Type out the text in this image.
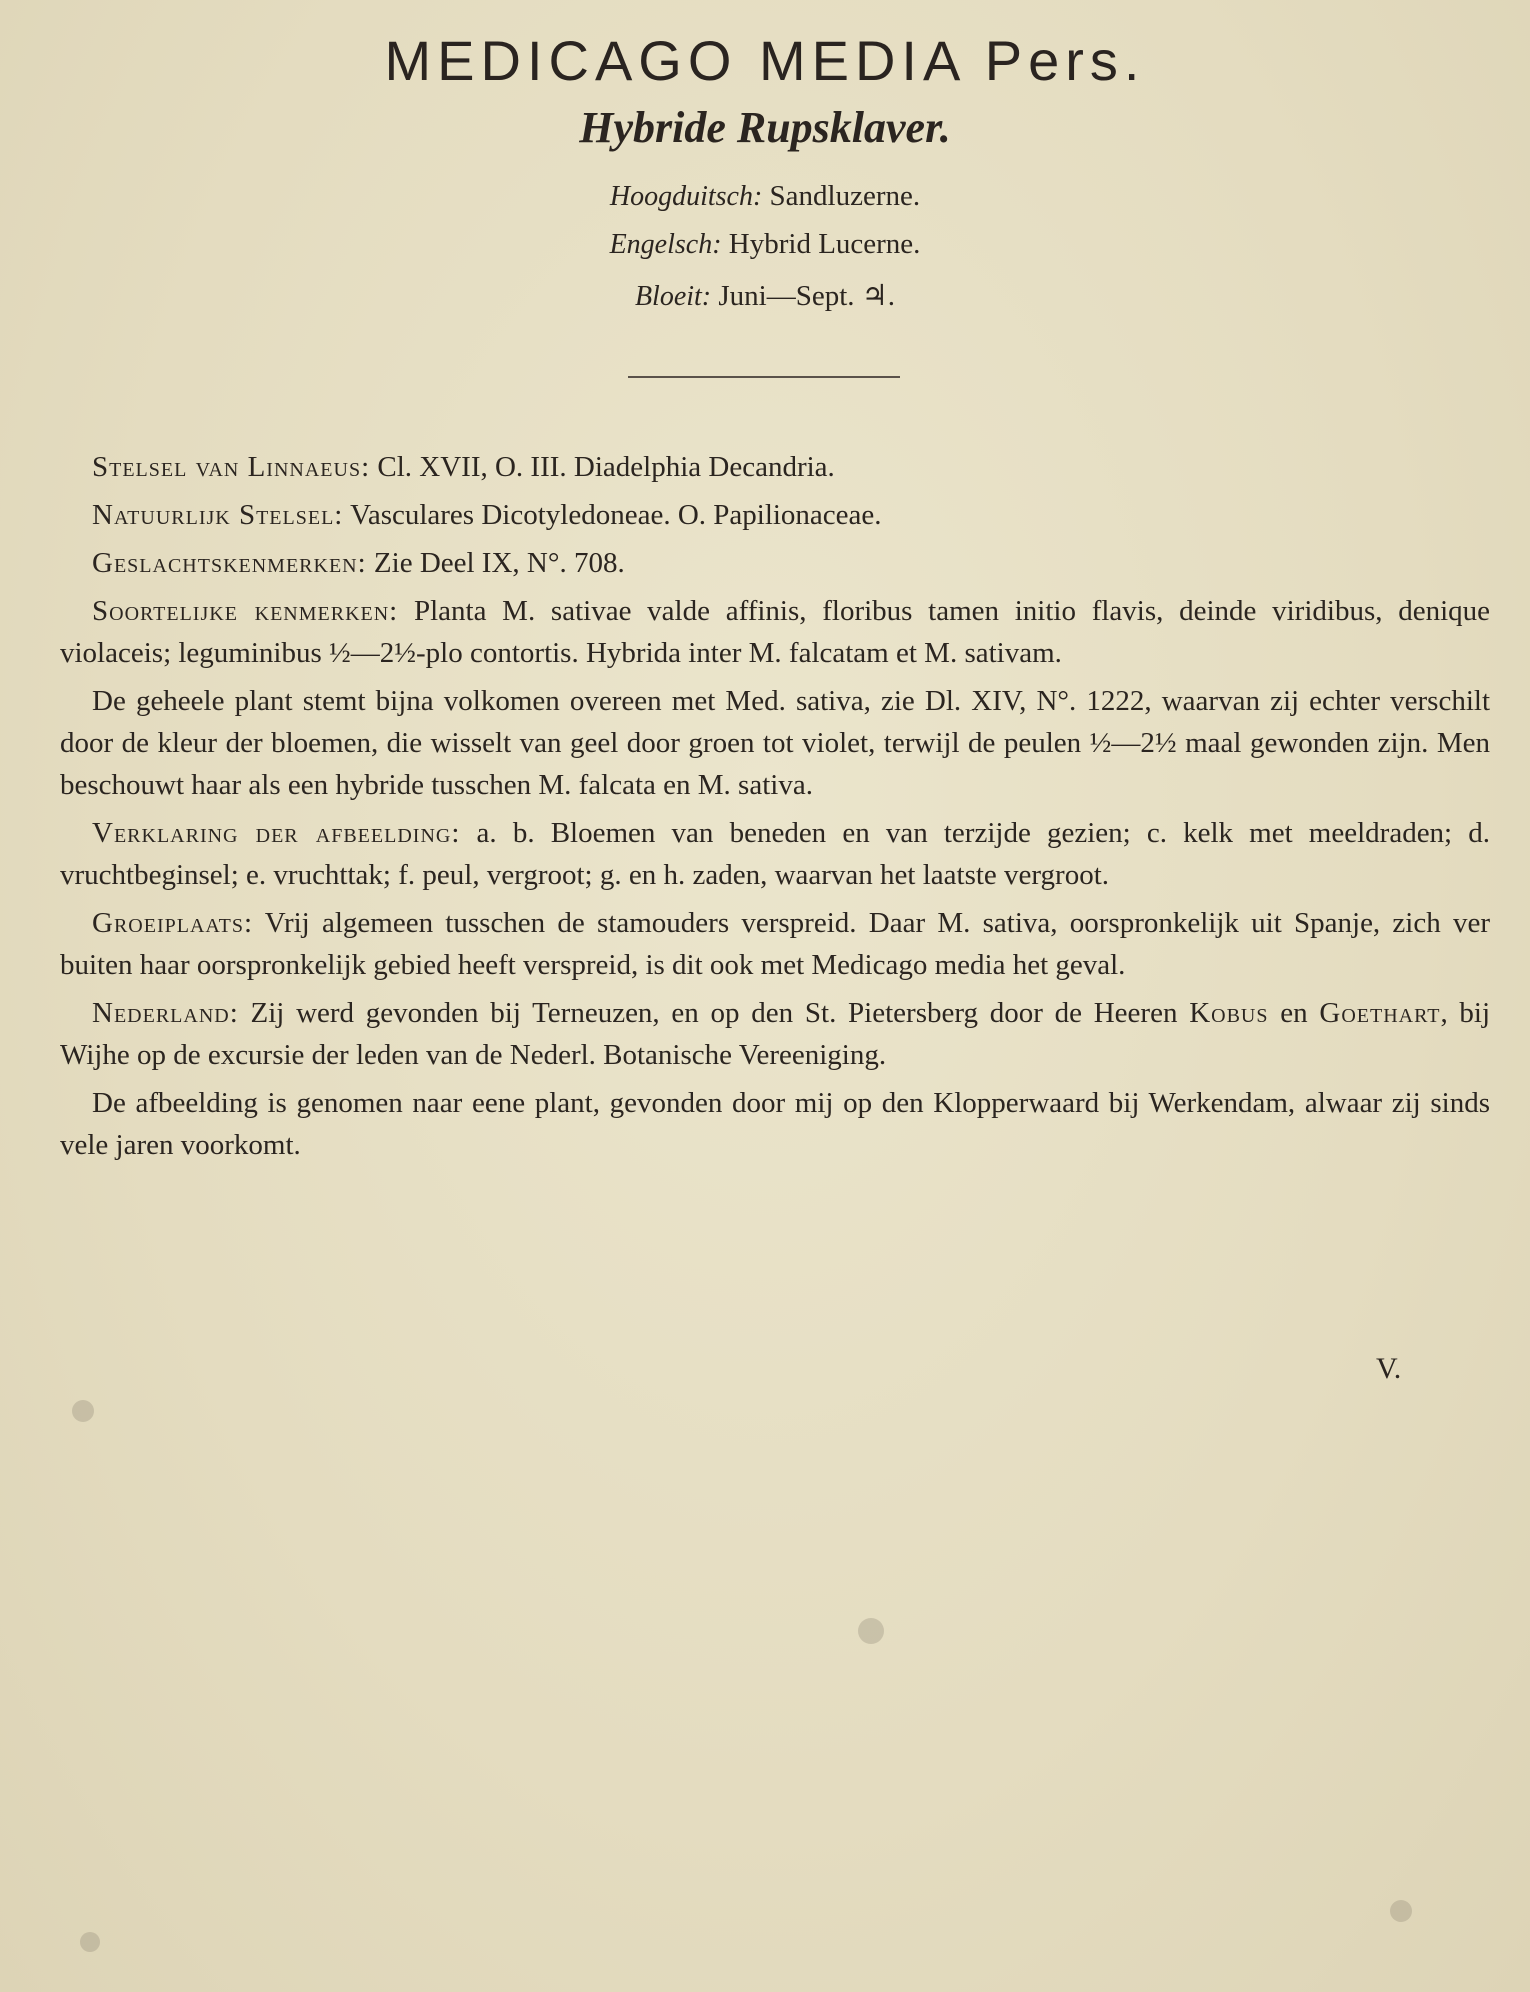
MEDICAGO MEDIA Pers.
Hybride Rupsklaver.
Hoogduitsch: Sandluzerne.
Engelsch: Hybrid Lucerne.
Bloeit: Juni—Sept. ♃.

Stelsel van Linnaeus: Cl. XVII, O. III. Diadelphia Decandria.

Natuurlijk Stelsel: Vasculares Dicotyledoneae. O. Papilionaceae.

Geslachtskenmerken: Zie Deel IX, N°. 708.

Soortelijke kenmerken: Planta M. sativae valde affinis, floribus tamen initio flavis, deinde viridibus, denique violaceis; leguminibus ½—2½-plo contortis. Hybrida inter M. falcatam et M. sativam.

De geheele plant stemt bijna volkomen overeen met Med. sativa, zie Dl. XIV, N°. 1222, waarvan zij echter verschilt door de kleur der bloemen, die wisselt van geel door groen tot violet, terwijl de peulen ½—2½ maal gewonden zijn. Men beschouwt haar als een hybride tusschen M. falcata en M. sativa.

Verklaring der afbeelding: a. b. Bloemen van beneden en van terzijde gezien; c. kelk met meeldraden; d. vruchtbeginsel; e. vruchttak; f. peul, vergroot; g. en h. zaden, waarvan het laatste vergroot.

Groeiplaats: Vrij algemeen tusschen de stamouders verspreid. Daar M. sativa, oorspronkelijk uit Spanje, zich ver buiten haar oorspronkelijk gebied heeft verspreid, is dit ook met Medicago media het geval.

Nederland: Zij werd gevonden bij Terneuzen, en op den St. Pietersberg door de Heeren Kobus en Goethart, bij Wijhe op de excursie der leden van de Nederl. Botanische Vereeniging.

De afbeelding is genomen naar eene plant, gevonden door mij op den Klopperwaard bij Werkendam, alwaar zij sinds vele jaren voorkomt.

V.
